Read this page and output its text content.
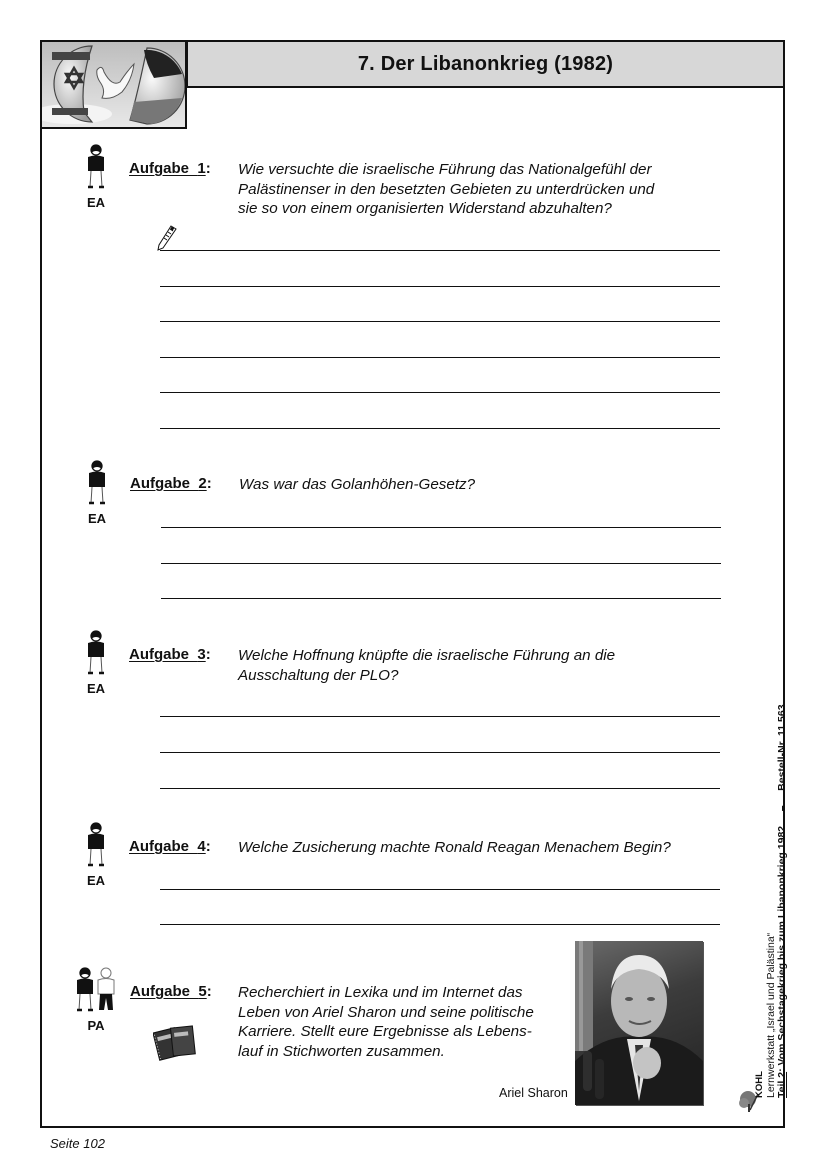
7. Der Libanonkrieg (1982)
EA
Aufgabe 1: Wie versuchte die israelische Führung das Nationalgefühl der
Palästinenser in den besetzten Gebieten zu unterdrücken und
sie so von einem organisierten Widerstand abzuhalten?
EA
Aufgabe 2: Was war das Golanhöhen-Gesetz?
EA
Aufgabe 3: Welche Hoffnung knüpfte die israelische Führung an die
Ausschaltung der PLO?
EA
Aufgabe 4: Welche Zusicherung machte Ronald Reagan Menachem Begin?
PA
Aufgabe 5: Recherchiert in Lexika und im Internet das
Leben von Ariel Sharon und seine politische
Karriere. Stellt eure Ergebnisse als Lebens-
lauf in Stichworten zusammen.
Ariel Sharon	KOHL Lernwerkstatt „Israel und Palästina“ Teil 2: Vom Sechstagekrieg bis zum Libanonkrieg 1982     –     Bestell-Nr. 11 563
Seite 102
